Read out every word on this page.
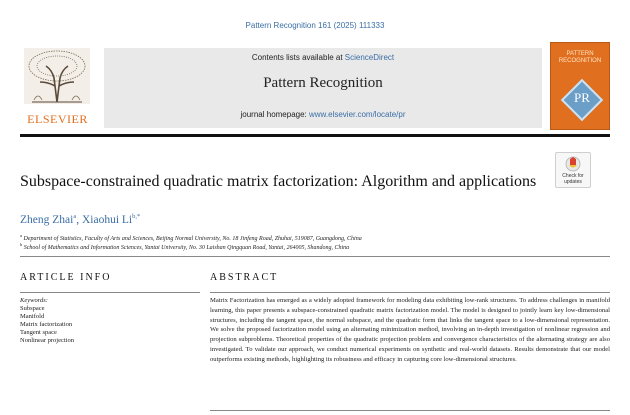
Pattern Recognition 161 (2025) 111333
ELSEVIER
Contents lists available at ScienceDirect
Pattern Recognition
journal homepage: www.elsevier.com/locate/pr
PATTERN RECOGNITION
PR
Check for
updates
Subspace-constrained quadratic matrix factorization: Algorithm and applications
Zheng Zhai$^a$, Xiaohui $Li^{b,*}$
$^a$ Department of Statistics, Faculty of Arts and Sciences, Beijing Normal University, No. 18 Jinfeng Road, Zhuhai, 519087, Guangdong, China
$^b$ School of Mathematics and Information Sciences, Yantai University, No. 30 Laishan Qingquan Road, Yantai, 264005, Shandong, China
ARTICLE INFO	ABSTRACT
Keywords:
Subspace
Manifold
Matrix factorization
Tangent space
Nonlinear projection
Matrix Factorization has emerged as a widely adopted framework for modeling data exhibiting low-rank structures. To address challenges in manifold learning, this paper presents a subspace-constrained quadratic matrix factorization model. The model is designed to jointly learn key low-dimensional structures, including the tangent space, the normal subspace, and the quadratic form that links the tangent space to a low-dimensional representation. We solve the proposed factorization model using an alternating minimization method, involving an in-depth investigation of nonlinear regression and projection subproblems. Theoretical properties of the quadratic projection problem and convergence characteristics of the alternating strategy are also investigated. To validate our approach, we conduct numerical experiments on synthetic and real-world datasets. Results demonstrate that our model outperforms existing methods, highlighting its robustness and efficacy in capturing core low-dimensional structures.
